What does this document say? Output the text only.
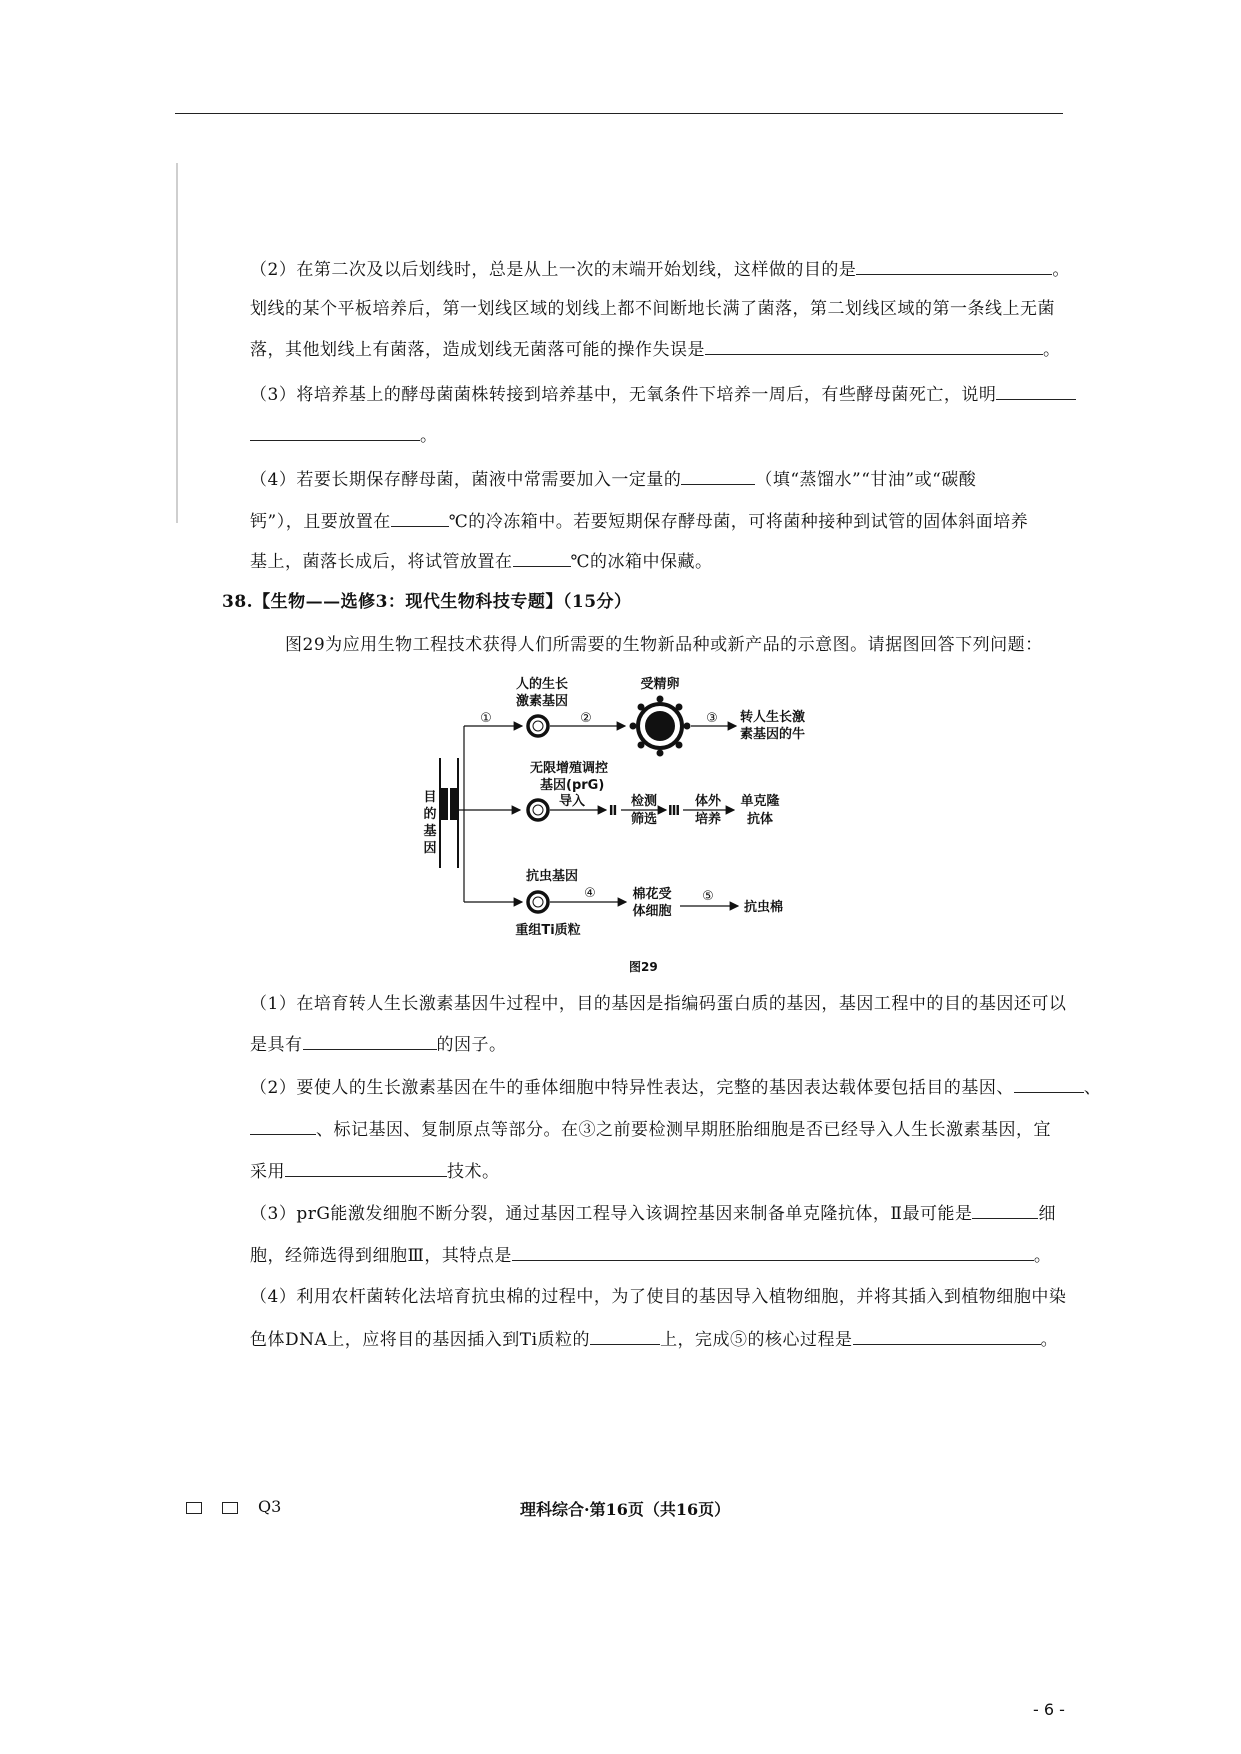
（2）在第二次及以后划线时，总是从上一次的末端开始划线，这样做的目的是	。
划线的某个平板培养后，第一划线区域的划线上都不间断地长满了菌落，第二划线区域的第一条线上无菌
落，其他划线上有菌落，造成划线无菌落可能的操作失误是	。
（3）将培养基上的酵母菌菌株转接到培养基中，无氧条件下培养一周后，有些酵母菌死亡，说明
。
（4）若要长期保存酵母菌，菌液中常需要加入一定量的	（填“蒸馏水”“甘油”或“碳酸
钙”），且要放置在	℃的冷冻箱中。若要短期保存酵母菌，可将菌种接种到试管的固体斜面培养
基上，菌落长成后，将试管放置在	℃的冰箱中保藏。
38.【生物——选修3：现代生物科技专题】（15分）
图29为应用生物工程技术获得人们所需要的生物新品种或新产品的示意图。请据图回答下列问题：
目
的
基
因
①
人的生长
激素基因
②
受精卵
③ 转人生长激
素基因的牛
无限增殖调控
基因(prG)
导入
Ⅱ
检测
筛选
Ⅲ
体外
培养
单克隆
抗体
抗虫基因
重组Ti质粒
④	棉花受
体细胞
⑤
抗虫棉
图29
（1）在培育转人生长激素基因牛过程中，目的基因是指编码蛋白质的基因，基因工程中的目的基因还可以
是具有	的因子。
（2）要使人的生长激素基因在牛的垂体细胞中特异性表达，完整的基因表达载体要包括目的基因、	、
、标记基因、复制原点等部分。在③之前要检测早期胚胎细胞是否已经导入人生长激素基因，宜
采用	技术。
（3）prG能激发细胞不断分裂，通过基因工程导入该调控基因来制备单克隆抗体，Ⅱ最可能是	细
胞，经筛选得到细胞Ⅲ，其特点是	。
（4）利用农杆菌转化法培育抗虫棉的过程中，为了使目的基因导入植物细胞，并将其插入到植物细胞中染
色体DNA上，应将目的基因插入到Ti质粒的	上，完成⑤的核心过程是	。
Q3	理科综合·第16页（共16页）
- 6 -
